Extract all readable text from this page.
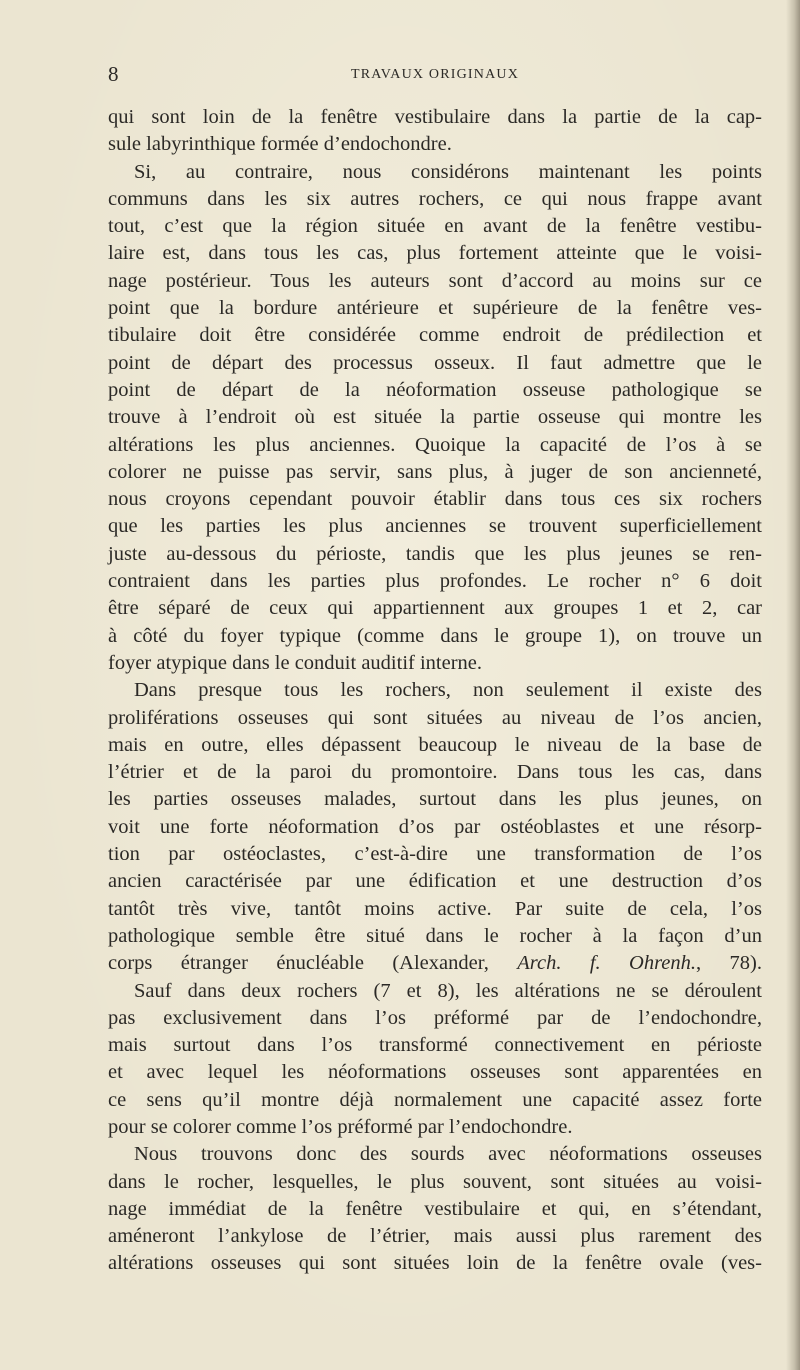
8	TRAVAUX ORIGINAUX
qui sont loin de la fenêtre vestibulaire dans la partie de la cap-
sule labyrinthique formée d’endochondre.
Si, au contraire, nous considérons maintenant les points
communs dans les six autres rochers, ce qui nous frappe avant
tout, c’est que la région située en avant de la fenêtre vestibu-
laire est, dans tous les cas, plus fortement atteinte que le voisi-
nage postérieur. Tous les auteurs sont d’accord au moins sur ce
point que la bordure antérieure et supérieure de la fenêtre ves-
tibulaire doit être considérée comme endroit de prédilection et
point de départ des processus osseux. Il faut admettre que le
point de départ de la néoformation osseuse pathologique se
trouve à l’endroit où est située la partie osseuse qui montre les
altérations les plus anciennes. Quoique la capacité de l’os à se
colorer ne puisse pas servir, sans plus, à juger de son ancienneté,
nous croyons cependant pouvoir établir dans tous ces six rochers
que les parties les plus anciennes se trouvent superficiellement
juste au-dessous du périoste, tandis que les plus jeunes se ren-
contraient dans les parties plus profondes. Le rocher n° 6 doit
être séparé de ceux qui appartiennent aux groupes 1 et 2, car
à côté du foyer typique (comme dans le groupe 1), on trouve un
foyer atypique dans le conduit auditif interne.
Dans presque tous les rochers, non seulement il existe des
proliférations osseuses qui sont situées au niveau de l’os ancien,
mais en outre, elles dépassent beaucoup le niveau de la base de
l’étrier et de la paroi du promontoire. Dans tous les cas, dans
les parties osseuses malades, surtout dans les plus jeunes, on
voit une forte néoformation d’os par ostéoblastes et une résorp-
tion par ostéoclastes, c’est-à-dire une transformation de l’os
ancien caractérisée par une édification et une destruction d’os
tantôt très vive, tantôt moins active. Par suite de cela, l’os
pathologique semble être situé dans le rocher à la façon d’un
corps étranger énucléable (Alexander, Arch. f. Ohrenh., 78).
Sauf dans deux rochers (7 et 8), les altérations ne se déroulent
pas exclusivement dans l’os préformé par de l’endochondre,
mais surtout dans l’os transformé connectivement en périoste
et avec lequel les néoformations osseuses sont apparentées en
ce sens qu’il montre déjà normalement une capacité assez forte
pour se colorer comme l’os préformé par l’endochondre.
Nous trouvons donc des sourds avec néoformations osseuses
dans le rocher, lesquelles, le plus souvent, sont situées au voisi-
nage immédiat de la fenêtre vestibulaire et qui, en s’étendant,
améneront l’ankylose de l’étrier, mais aussi plus rarement des
altérations osseuses qui sont situées loin de la fenêtre ovale (ves-
